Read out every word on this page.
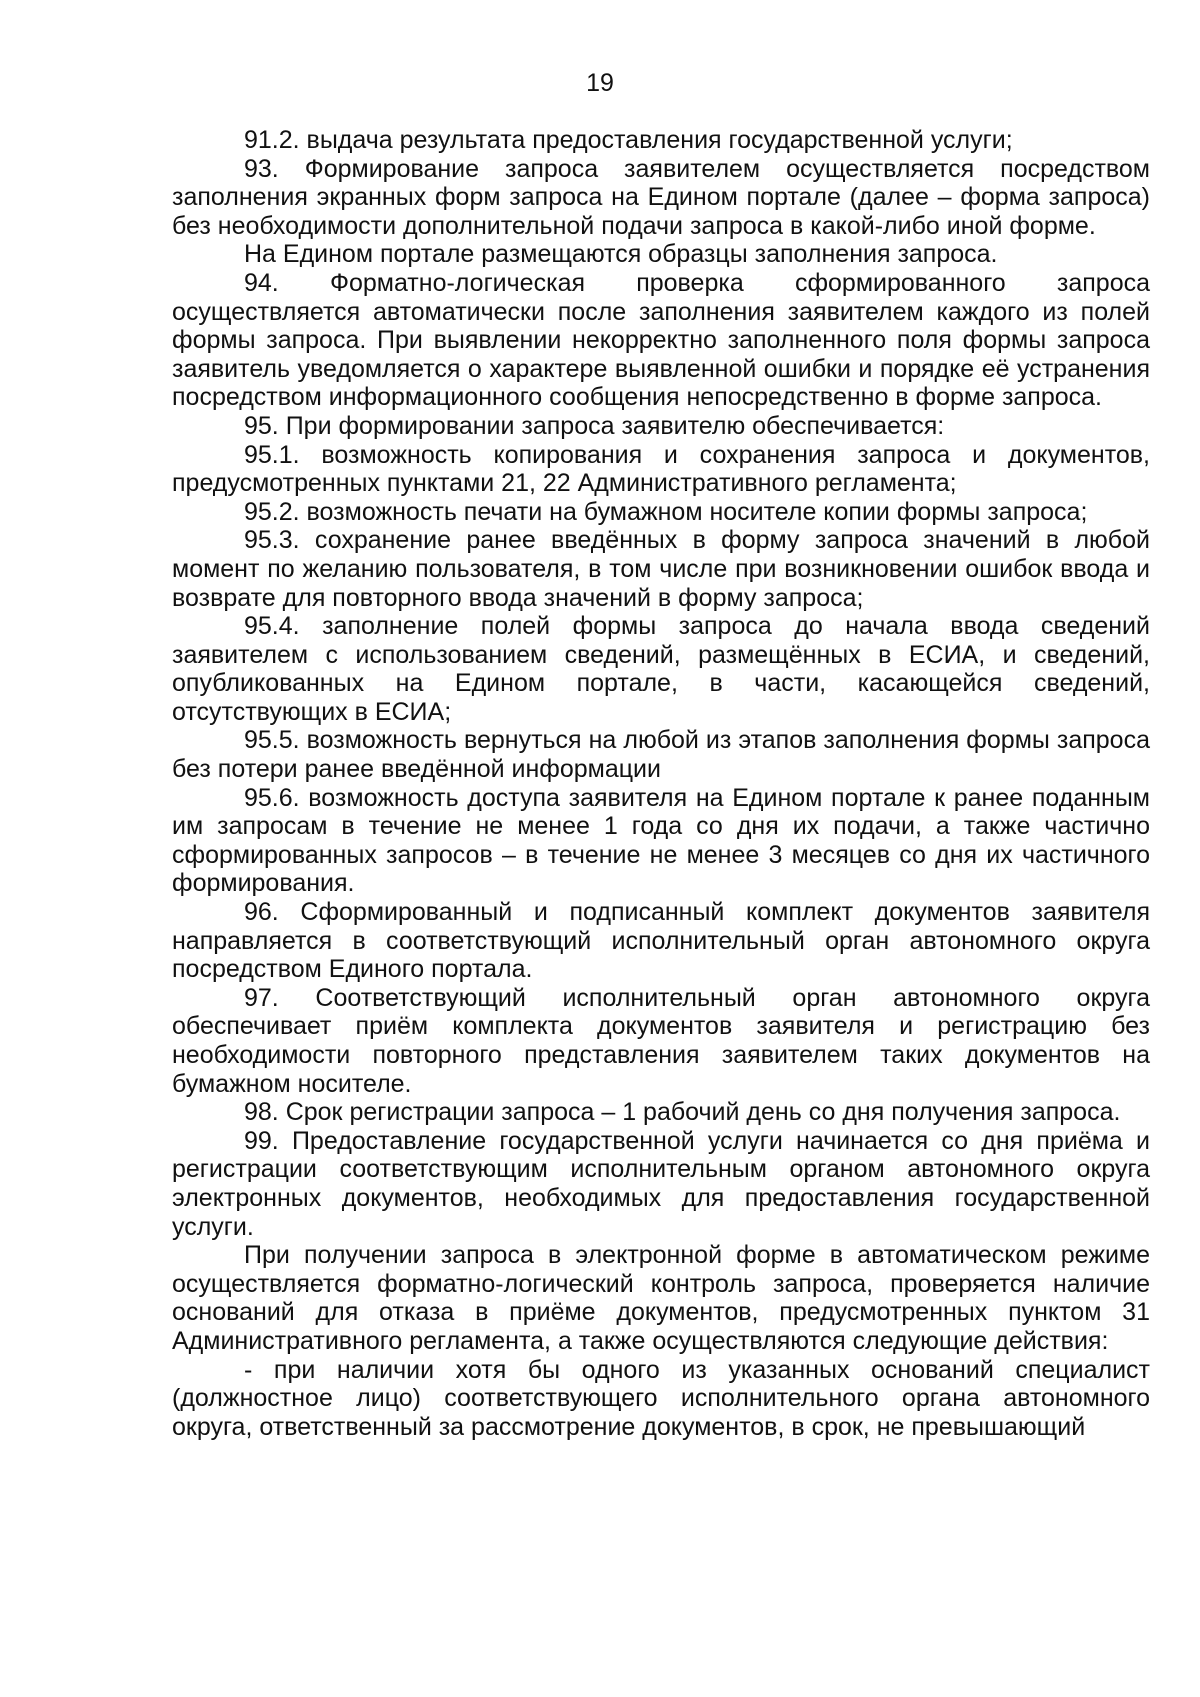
19

91.2. выдача результата предоставления государственной услуги;

93. Формирование запроса заявителем осуществляется посредством заполнения экранных форм запроса на Едином портале (далее – форма запроса) без необходимости дополнительной подачи запроса в какой-либо иной форме.

На Едином портале размещаются образцы заполнения запроса.

94. Форматно-логическая проверка сформированного запроса осуществляется автоматически после заполнения заявителем каждого из полей формы запроса. При выявлении некорректно заполненного поля формы запроса заявитель уведомляется о характере выявленной ошибки и порядке её устранения посредством информационного сообщения непосредственно в форме запроса.

95. При формировании запроса заявителю обеспечивается:

95.1. возможность копирования и сохранения запроса и документов, предусмотренных пунктами 21, 22 Административного регламента;

95.2. возможность печати на бумажном носителе копии формы запроса;

95.3. сохранение ранее введённых в форму запроса значений в любой момент по желанию пользователя, в том числе при возникновении ошибок ввода и возврате для повторного ввода значений в форму запроса;

95.4. заполнение полей формы запроса до начала ввода сведений заявителем с использованием сведений, размещённых в ЕСИА, и сведений, опубликованных на Едином портале, в части, касающейся сведений, отсутствующих в ЕСИА;

95.5. возможность вернуться на любой из этапов заполнения формы запроса без потери ранее введённой информации

95.6. возможность доступа заявителя на Едином портале к ранее поданным им запросам в течение не менее 1 года со дня их подачи, а также частично сформированных запросов – в течение не менее 3 месяцев со дня их частичного формирования.

96. Сформированный и подписанный комплект документов заявителя направляется в соответствующий исполнительный орган автономного округа посредством Единого портала.

97. Соответствующий исполнительный орган автономного округа обеспечивает приём комплекта документов заявителя и регистрацию без необходимости повторного представления заявителем таких документов на бумажном носителе.

98. Срок регистрации запроса – 1 рабочий день со дня получения запроса.

99. Предоставление государственной услуги начинается со дня приёма и регистрации соответствующим исполнительным органом автономного округа электронных документов, необходимых для предоставления государственной услуги.

При получении запроса в электронной форме в автоматическом режиме осуществляется форматно-логический контроль запроса, проверяется наличие оснований для отказа в приёме документов, предусмотренных пунктом 31 Административного регламента, а также осуществляются следующие действия:

- при наличии хотя бы одного из указанных оснований специалист (должностное лицо) соответствующего исполнительного органа автономного округа, ответственный за рассмотрение документов, в срок, не превышающий
